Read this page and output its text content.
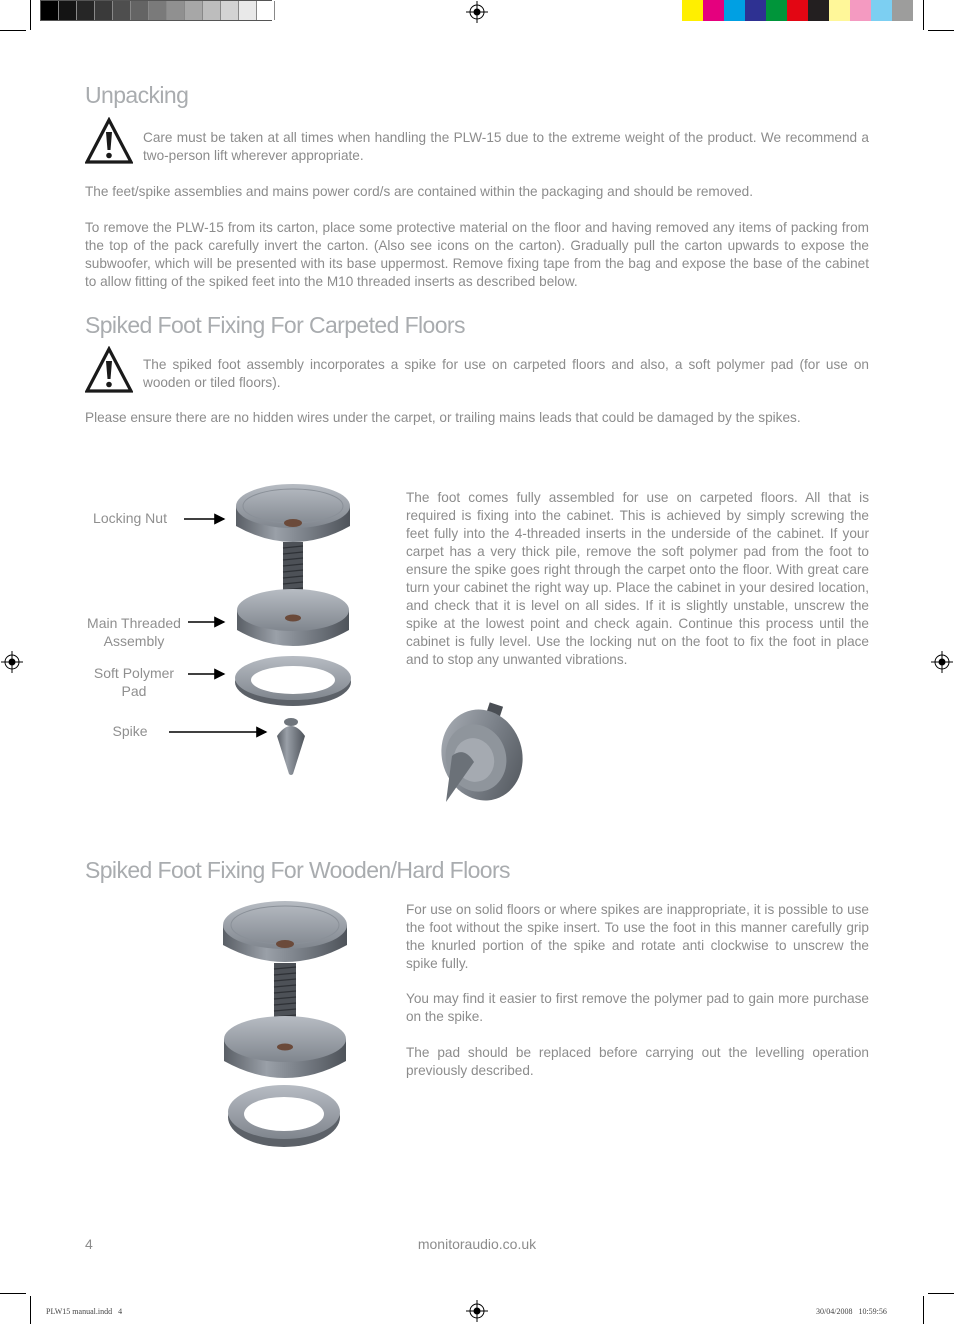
Unpacking

Care must be taken at all times when handling the PLW-15 due to the extreme weight of the product. We recommend a two-person lift wherever appropriate.

The feet/spike assemblies and mains power cord/s are contained within the packaging and should be removed.

To remove the PLW-15 from its carton, place some protective material on the floor and having removed any items of packing from the top of the pack carefully invert the carton. (Also see icons on the carton). Gradually pull the carton upwards to expose the subwoofer, which will be presented with its base uppermost. Remove fixing tape from the bag and expose the base of the cabinet to allow fitting of the spiked feet into the M10 threaded inserts as described below.

Spiked Foot Fixing For Carpeted Floors

The spiked foot assembly incorporates a spike for use on carpeted floors and also, a soft polymer pad (for use on wooden or tiled floors).

Please ensure there are no hidden wires under the carpet, or trailing mains leads that could be damaged by the spikes.

Locking Nut
Main Threaded
Assembly
Soft Polymer
Pad
Spike

The foot comes fully assembled for use on carpeted floors. All that is required is fixing into the cabinet. This is achieved by simply screwing the feet fully into the 4-threaded inserts in the underside of the cabinet. If your carpet has a very thick pile, remove the soft polymer pad from the foot to ensure the spike goes right through the carpet onto the floor. With great care turn your cabinet the right way up. Place the cabinet in your desired location, and check that it is level on all sides. If it is slightly unstable, unscrew the spike at the lowest point and check again. Continue this process until the cabinet is fully level. Use the locking nut on the foot to fix the foot in place and to stop any unwanted vibrations.

Spiked Foot Fixing For Wooden/Hard Floors

For use on solid floors or where spikes are inappropriate, it is possible to use the foot without the spike insert. To use the foot in this manner carefully grip the knurled portion of the spike and rotate anti clockwise to unscrew the spike fully.

You may find it easier to first remove the polymer pad to gain more purchase on the spike.

The pad should be replaced before carrying out the levelling operation previously described.

4	monitoraudio.co.uk
PLW15 manual.indd   4	30/04/2008   10:59:56
